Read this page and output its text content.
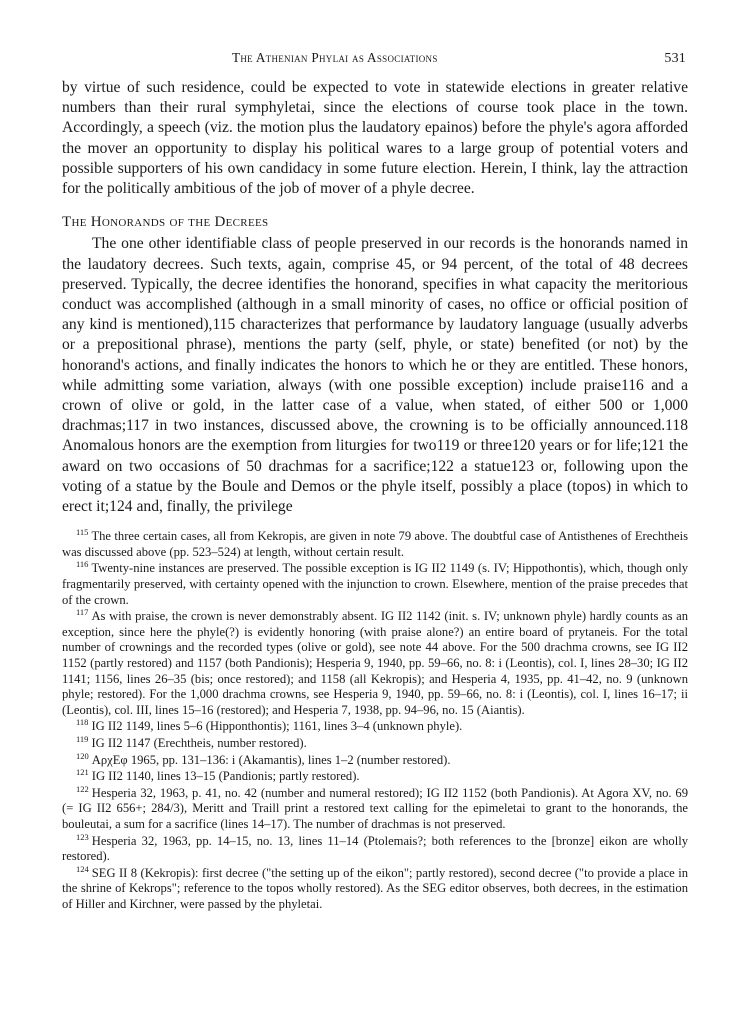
The Athenian Phylai as Associations	531

by virtue of such residence, could be expected to vote in statewide elections in greater relative numbers than their rural symphyletai, since the elections of course took place in the town. Accordingly, a speech (viz. the motion plus the laudatory epainos) before the phyle's agora afforded the mover an opportunity to display his political wares to a large group of potential voters and possible supporters of his own candidacy in some future election. Herein, I think, lay the attraction for the politically ambitious of the job of mover of a phyle decree.

The Honorands of the Decrees

The one other identifiable class of people preserved in our records is the honorands named in the laudatory decrees. Such texts, again, comprise 45, or 94 percent, of the total of 48 decrees preserved. Typically, the decree identifies the honorand, specifies in what capacity the meritorious conduct was accomplished (although in a small minority of cases, no office or official position of any kind is mentioned),115 characterizes that performance by laudatory language (usually adverbs or a prepositional phrase), mentions the party (self, phyle, or state) benefited (or not) by the honorand's actions, and finally indicates the honors to which he or they are entitled. These honors, while admitting some variation, always (with one possible exception) include praise116 and a crown of olive or gold, in the latter case of a value, when stated, of either 500 or 1,000 drachmas;117 in two instances, discussed above, the crowning is to be officially announced.118 Anomalous honors are the exemption from liturgies for two119 or three120 years or for life;121 the award on two occasions of 50 drachmas for a sacrifice;122 a statue123 or, following upon the voting of a statue by the Boule and Demos or the phyle itself, possibly a place (topos) in which to erect it;124 and, finally, the privilege

$^{115}$ The three certain cases, all from Kekropis, are given in note 79 above. The doubtful case of Antisthenes of Erechtheis was discussed above (pp. 523–524) at length, without certain result.

$^{116}$ Twenty-nine instances are preserved. The possible exception is IG II2 1149 (s. IV; Hippothontis), which, though only fragmentarily preserved, with certainty opened with the injunction to crown. Elsewhere, mention of the praise precedes that of the crown.

$^{117}$ As with praise, the crown is never demonstrably absent. IG II2 1142 (init. s. IV; unknown phyle) hardly counts as an exception, since here the phyle(?) is evidently honoring (with praise alone?) an entire board of prytaneis. For the total number of crownings and the recorded types (olive or gold), see note 44 above. For the 500 drachma crowns, see IG II2 1152 (partly restored) and 1157 (both Pandionis); Hesperia 9, 1940, pp. 59–66, no. 8: i (Leontis), col. I, lines 28–30; IG II2 1141; 1156, lines 26–35 (bis; once restored); and 1158 (all Kekropis); and Hesperia 4, 1935, pp. 41–42, no. 9 (unknown phyle; restored). For the 1,000 drachma crowns, see Hesperia 9, 1940, pp. 59–66, no. 8: i (Leontis), col. I, lines 16–17; ii (Leontis), col. III, lines 15–16 (restored); and Hesperia 7, 1938, pp. 94–96, no. 15 (Aiantis).

$^{118}$ IG II2 1149, lines 5–6 (Hipponthontis); 1161, lines 3–4 (unknown phyle).

$^{119}$ IG II2 1147 (Erechtheis, number restored).

$^{120}$ ΑρχΕφ 1965, pp. 131–136: i (Akamantis), lines 1–2 (number restored).

$^{121}$ IG II2 1140, lines 13–15 (Pandionis; partly restored).

$^{122}$ Hesperia 32, 1963, p. 41, no. 42 (number and numeral restored); IG II2 1152 (both Pandionis). At Agora XV, no. 69 (= IG II2 656+; 284/3), Meritt and Traill print a restored text calling for the epimeletai to grant to the honorands, the bouleutai, a sum for a sacrifice (lines 14–17). The number of drachmas is not preserved.

$^{123}$ Hesperia 32, 1963, pp. 14–15, no. 13, lines 11–14 (Ptolemais?; both references to the [bronze] eikon are wholly restored).

$^{124}$ SEG II 8 (Kekropis): first decree ("the setting up of the eikon"; partly restored), second decree ("to provide a place in the shrine of Kekrops"; reference to the topos wholly restored). As the SEG editor observes, both decrees, in the estimation of Hiller and Kirchner, were passed by the phyletai.
